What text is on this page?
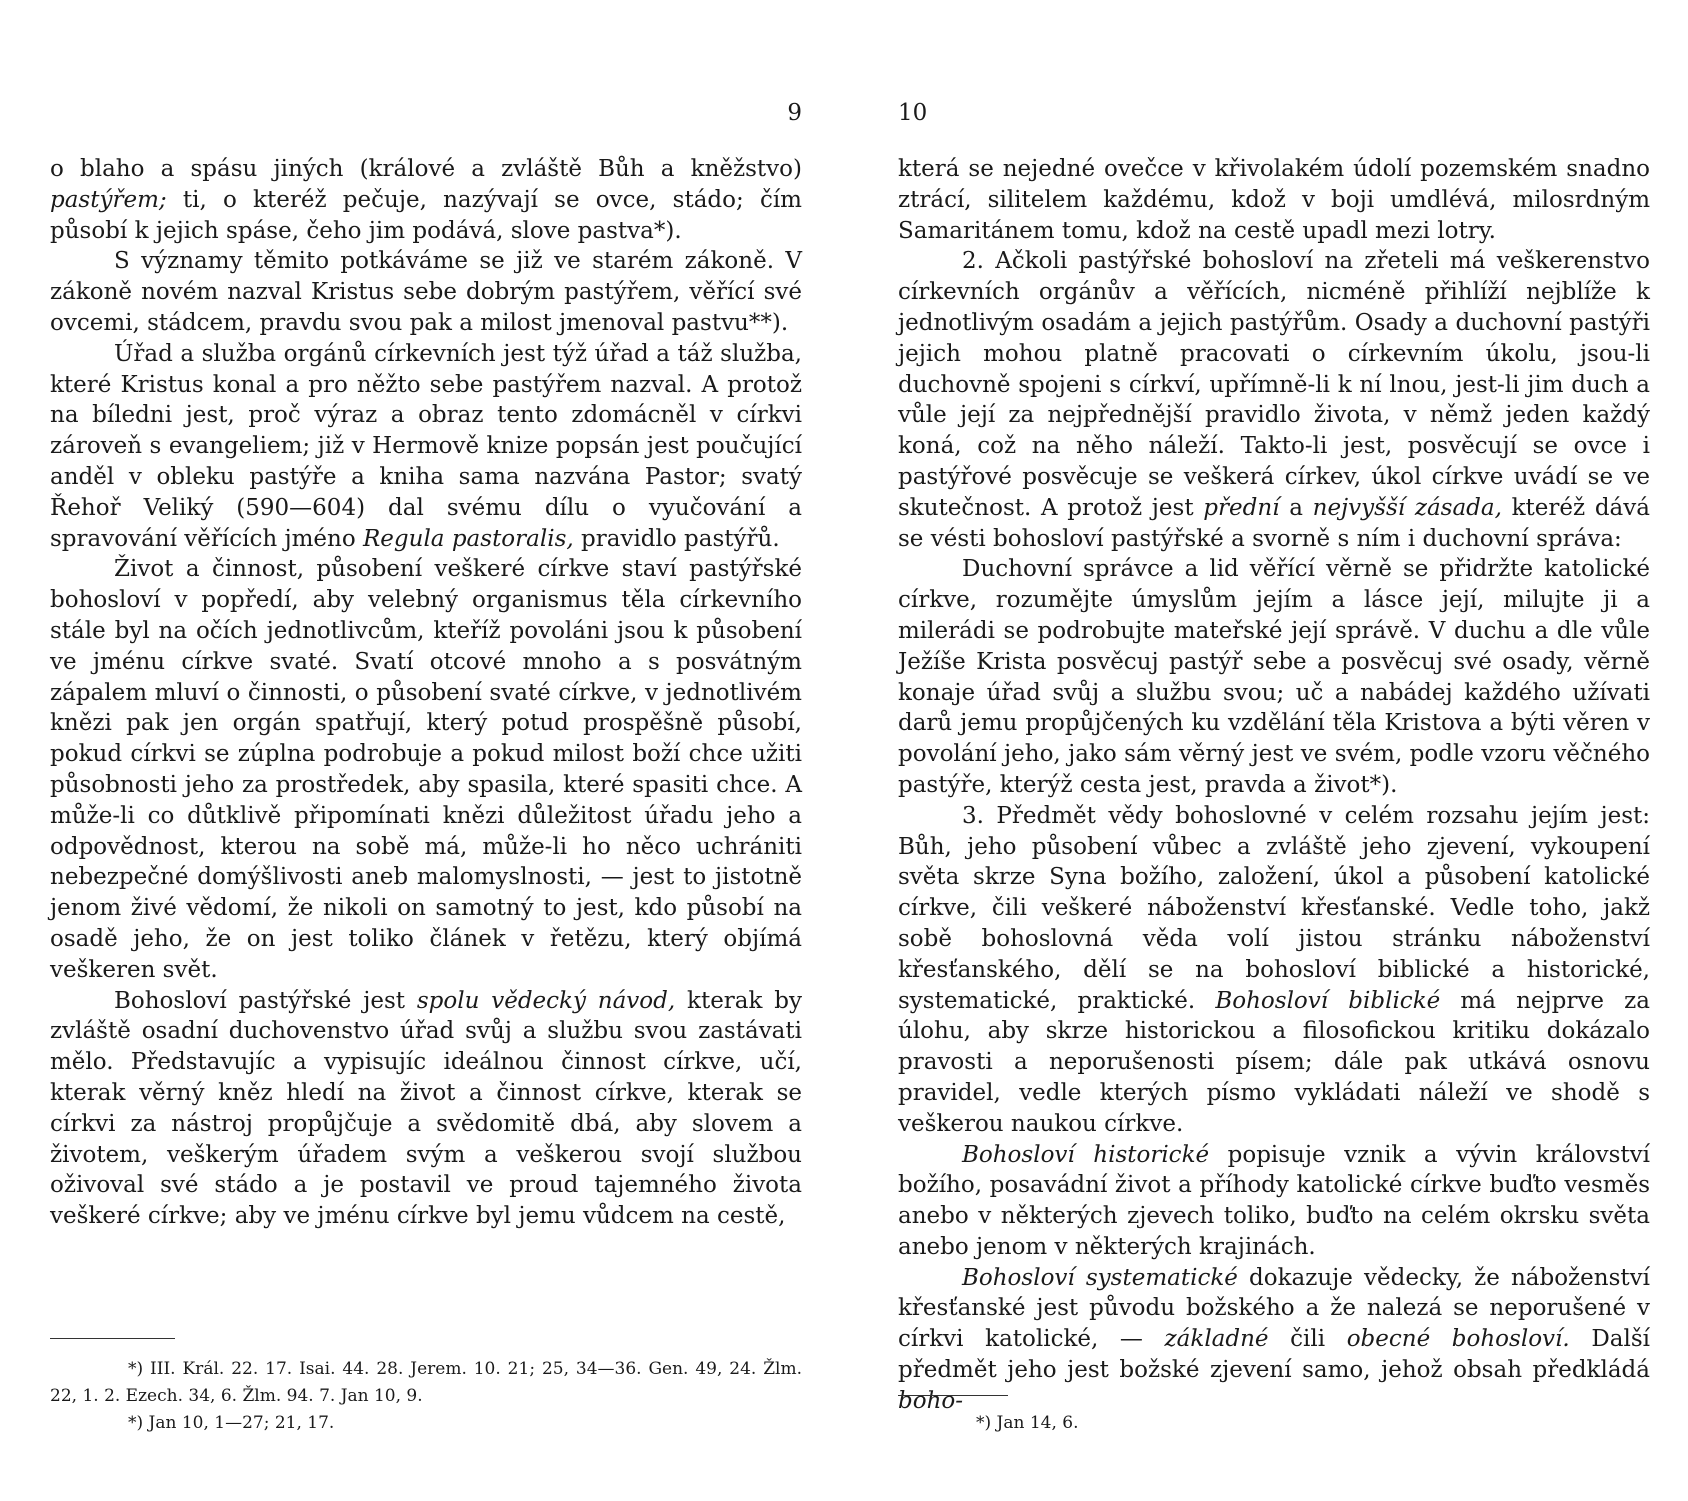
9

o blaho a spásu jiných (králové a zvláště Bůh a kněžstvo) pastýřem; ti, o kteréž pečuje, nazývají se ovce, stádo; čím působí k jejich spáse, čeho jim podává, slove pastva*).

S významy těmito potkáváme se již ve starém zákoně. V zákoně novém nazval Kristus sebe dobrým pastýřem, věřící své ovcemi, stádcem, pravdu svou pak a milost jmenoval pastvu**).

Úřad a služba orgánů církevních jest týž úřad a táž služba, které Kristus konal a pro něžto sebe pastýřem nazval. A protož na bíledni jest, proč výraz a obraz tento zdomácněl v církvi zároveň s evangeliem; již v Hermově knize popsán jest poučující anděl v obleku pastýře a kniha sama nazvána Pastor; svatý Řehoř Veliký (590—604) dal svému dílu o vyučování a spravování věřících jméno Regula pastoralis, pravidlo pastýřů.

Život a činnost, působení veškeré církve staví pastýřské bohosloví v popředí, aby velebný organismus těla církevního stále byl na očích jednotlivcům, kteříž povoláni jsou k působení ve jménu církve svaté. Svatí otcové mnoho a s posvátným zápalem mluví o činnosti, o působení svaté církve, v jednotlivém knězi pak jen orgán spatřují, který potud prospěšně působí, pokud církvi se zúplna podrobuje a pokud milost boží chce užiti působnosti jeho za prostředek, aby spasila, které spasiti chce. A může-li co důtklivě připomínati knězi důležitost úřadu jeho a odpovědnost, kterou na sobě má, může-li ho něco uchrániti nebezpečné domýšlivosti aneb malomyslnosti, — jest to jistotně jenom živé vědomí, že nikoli on samotný to jest, kdo působí na osadě jeho, že on jest toliko článek v řetězu, který objímá veškeren svět.

Bohosloví pastýřské jest spolu vědecký návod, kterak by zvláště osadní duchovenstvo úřad svůj a službu svou zastávati mělo. Představujíc a vypisujíc ideálnou činnost církve, učí, kterak věrný kněz hledí na život a činnost církve, kterak se církvi za nástroj propůjčuje a svědomitě dbá, aby slovem a životem, veškerým úřadem svým a veškerou svojí službou oživoval své stádo a je postavil ve proud tajemného života veškeré církve; aby ve jménu církve byl jemu vůdcem na cestě,

*) III. Král. 22. 17. Isai. 44. 28. Jerem. 10. 21; 25, 34—36. Gen. 49, 24. Žlm. 22, 1. 2. Ezech. 34, 6. Žlm. 94. 7. Jan 10, 9.

*) Jan 10, 1—27; 21, 17.

10

která se nejedné ovečce v křivolakém údolí pozemském snadno ztrácí, silitelem každému, kdož v boji umdlévá, milosrdným Samaritánem tomu, kdož na cestě upadl mezi lotry.

2. Ačkoli pastýřské bohosloví na zřeteli má veškerenstvo církevních orgánův a věřících, nicméně přihlíží nejblíže k jednotlivým osadám a jejich pastýřům. Osady a duchovní pastýři jejich mohou platně pracovati o církevním úkolu, jsou-li duchovně spojeni s církví, upřímně-li k ní lnou, jest-li jim duch a vůle její za nejpřednější pravidlo života, v němž jeden každý koná, což na něho náleží. Takto-li jest, posvěcují se ovce i pastýřové posvěcuje se veškerá církev, úkol církve uvádí se ve skutečnost. A protož jest přední a nejvyšší zásada, kteréž dává se vésti bohosloví pastýřské a svorně s ním i duchovní správa:

Duchovní správce a lid věřící věrně se přidržte katolické církve, rozumějte úmyslům jejím a lásce její, milujte ji a milerádi se podrobujte mateřské její správě. V duchu a dle vůle Ježíše Krista posvěcuj pastýř sebe a posvěcuj své osady, věrně konaje úřad svůj a službu svou; uč a nabádej každého užívati darů jemu propůjčených ku vzdělání těla Kristova a býti věren v povolání jeho, jako sám věrný jest ve svém, podle vzoru věčného pastýře, kterýž cesta jest, pravda a život*).

3. Předmět vědy bohoslovné v celém rozsahu jejím jest: Bůh, jeho působení vůbec a zvláště jeho zjevení, vykoupení světa skrze Syna božího, založení, úkol a působení katolické církve, čili veškeré náboženství křesťanské. Vedle toho, jakž sobě bohoslovná věda volí jistou stránku náboženství křesťanského, dělí se na bohosloví biblické a historické, systematické, praktické. Bohosloví biblické má nejprve za úlohu, aby skrze historickou a filosofickou kritiku dokázalo pravosti a neporušenosti písem; dále pak utkává osnovu pravidel, vedle kterých písmo vykládati náleží ve shodě s veškerou naukou církve.

Bohosloví historické popisuje vznik a vývin království božího, posavádní život a příhody katolické církve buďto vesměs anebo v některých zjevech toliko, buďto na celém okrsku světa anebo jenom v některých krajinách.

Bohosloví systematické dokazuje vědecky, že náboženství křesťanské jest původu božského a že nalezá se neporušené v církvi katolické, — základné čili obecné bohosloví. Další předmět jeho jest božské zjevení samo, jehož obsah předkládá boho-

*) Jan 14, 6.
